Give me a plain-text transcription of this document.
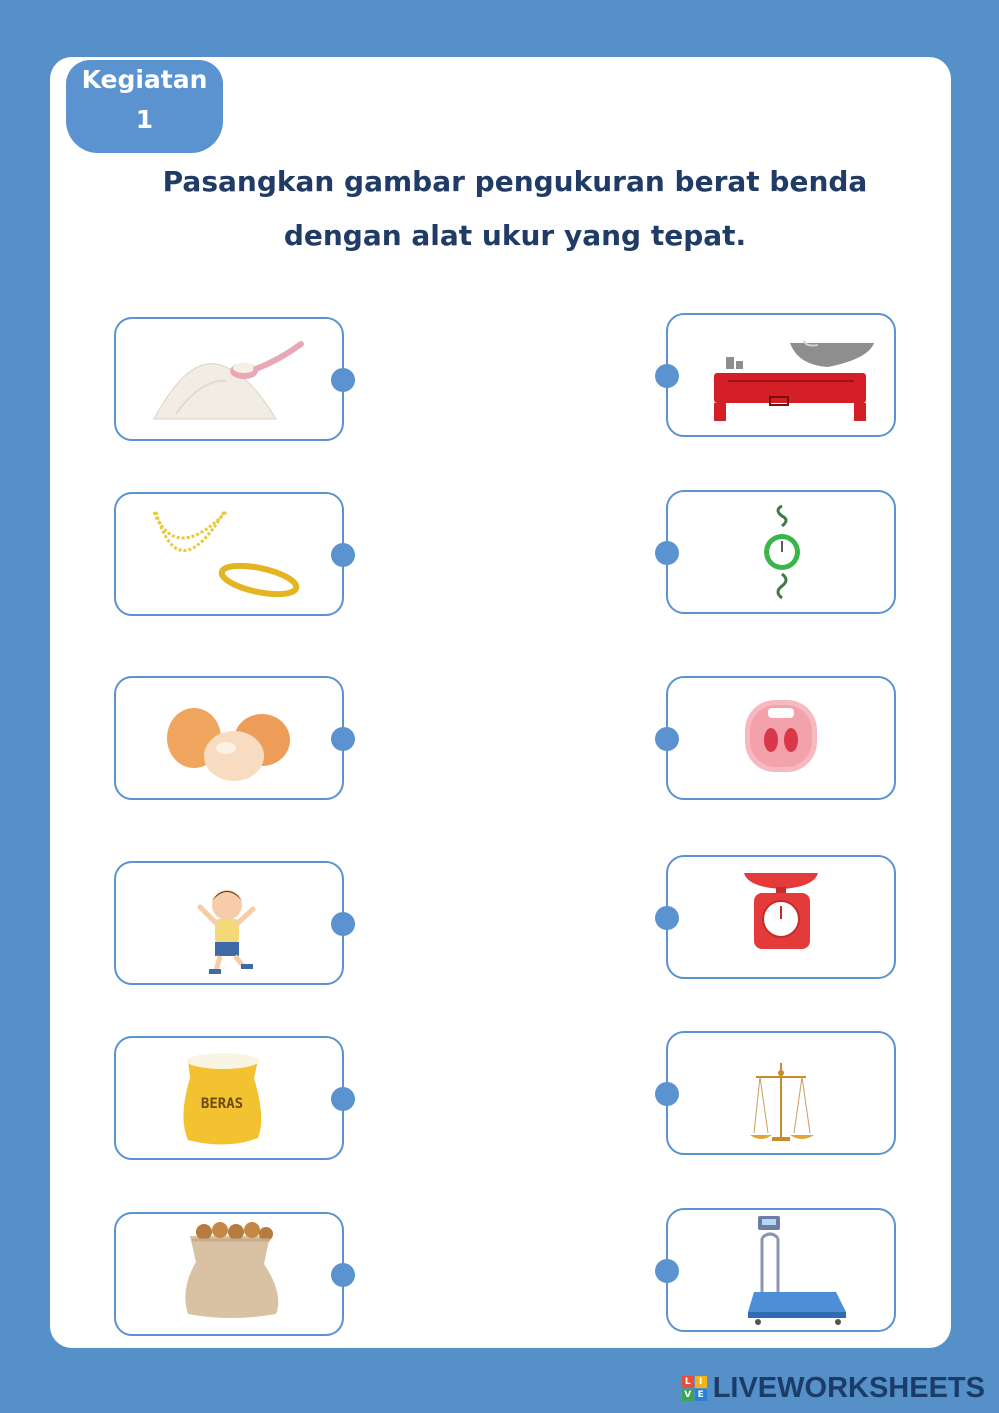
Kegiatan
1
Pasangkan gambar pengukuran berat benda
dengan alat ukur yang tepat.
BERAS
L I
V E LIVEWORKSHEETS
